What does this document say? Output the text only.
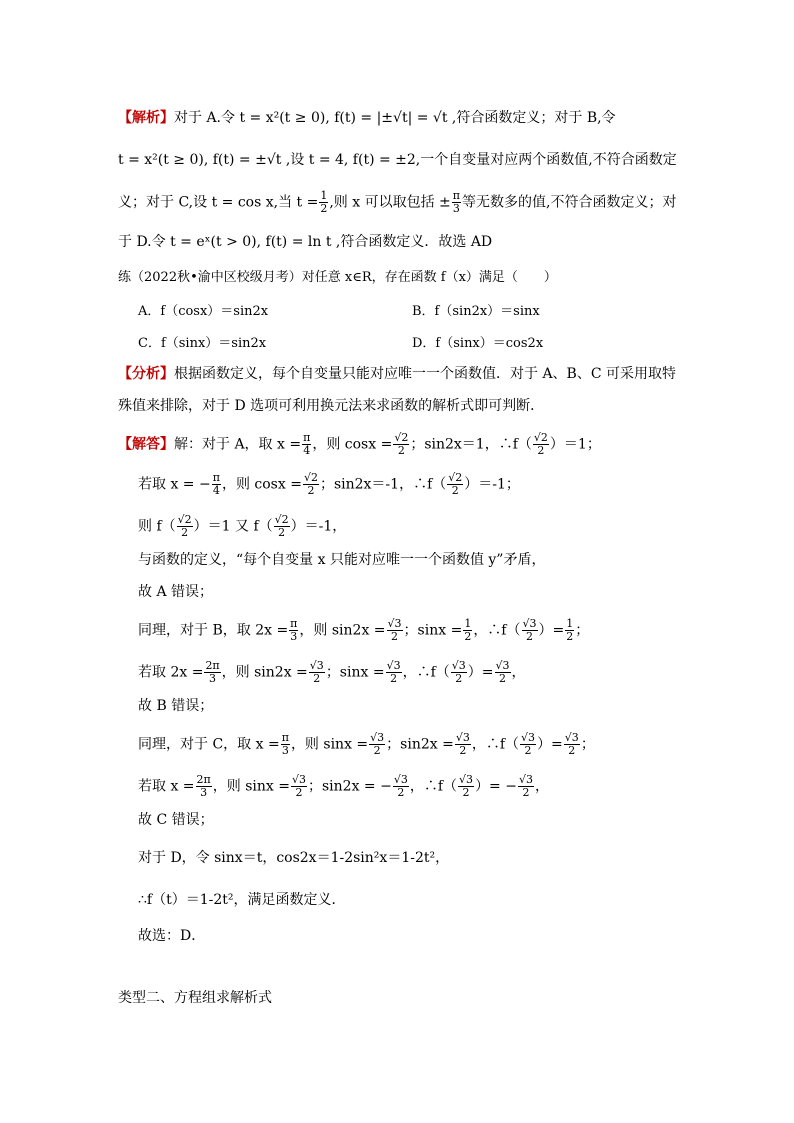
【解析】对于 A.令 t = x²(t ≥ 0), f(t) = |±√t| = √t ,符合函数定义；对于 B,令
t = x²(t ≥ 0), f(t) = ±√t ,设 t = 4, f(t) = ±2,一个自变量对应两个函数值,不符合函数定
义；对于 C,设 t = cos x,当 $t = \frac{1}{2}$ ,则 x 可以取包括 ± $\frac{\pi}{3}$ 等无数多的值,不符合函数定义；对
于 D.令 t = eˣ(t > 0), f(t) = ln t ,符合函数定义．故选 AD
练（2022秋•渝中区校级月考）对任意 x∈R，存在函数 f（x）满足（　　）
A．f（cosx）＝sin2x	B．f（sin2x）＝sinx
C．f（sinx）＝sin2x	D．f（sinx）＝cos2x
【分析】根据函数定义，每个自变量只能对应唯一一个函数值．对于 A、B、C 可采用取特
殊值来排除，对于 D 选项可利用换元法来求函数的解析式即可判断．
【解答】解：对于 A，取 $x = \frac{\pi}{4}$ ，则 $\cos x = \frac{√2}{2}$ ；sin2x＝1，∴f（ $\frac{√2}{2} )=1$；
若取 x = − $\frac{\pi}{4}$ ，则 $\cos x = \frac{√2}{2}$ ；sin2x＝-1，∴f（ $\frac{√2}{2} )=-1$；
则 $f( \frac{√2}{2} )=1$ 又 $f( \frac{√2}{2} )=-1$，
与函数的定义，“每个自变量 x 只能对应唯一一个函数值 y”矛盾，
故 A 错误；
同理，对于 B，取 $2x = \frac{\pi}{3}$ ，则 $\sin 2x = \frac{√3}{2}$ ；$\sin x = \frac{1}{2}$ ，∴f（ $\frac{√3}{2}$ ）= $\frac{1}{2}$ ；
若取 $2x = \frac{2\pi}{3}$ ，则 $\sin 2x = \frac{√3}{2}$ ；$\sin x = \frac{√3}{2}$ ，∴f（ $\frac{√3}{2}$ ）= $\frac{√3}{2}$ ，
故 B 错误；
同理，对于 C，取 $x = \frac{\pi}{3}$ ，则 $\sin x = \frac{√3}{2}$ ；$\sin 2x = \frac{√3}{2}$ ，∴f（ $\frac{√3}{2}$ ）= $\frac{√3}{2}$ ；
若取 $x = \frac{2\pi}{3}$ ，则 $\sin x = \frac{√3}{2}$ ；sin2x = − $\frac{√3}{2}$ ，∴f（ $\frac{√3}{2}$ ）= − $\frac{√3}{2}$ ，
故 C 错误；
对于 D，令 sinx＝t，cos2x＝1-2sin²x＝1-2t²，
∴f（t）＝1-2t²，满足函数定义．
故选：D．
类型二、方程组求解析式
